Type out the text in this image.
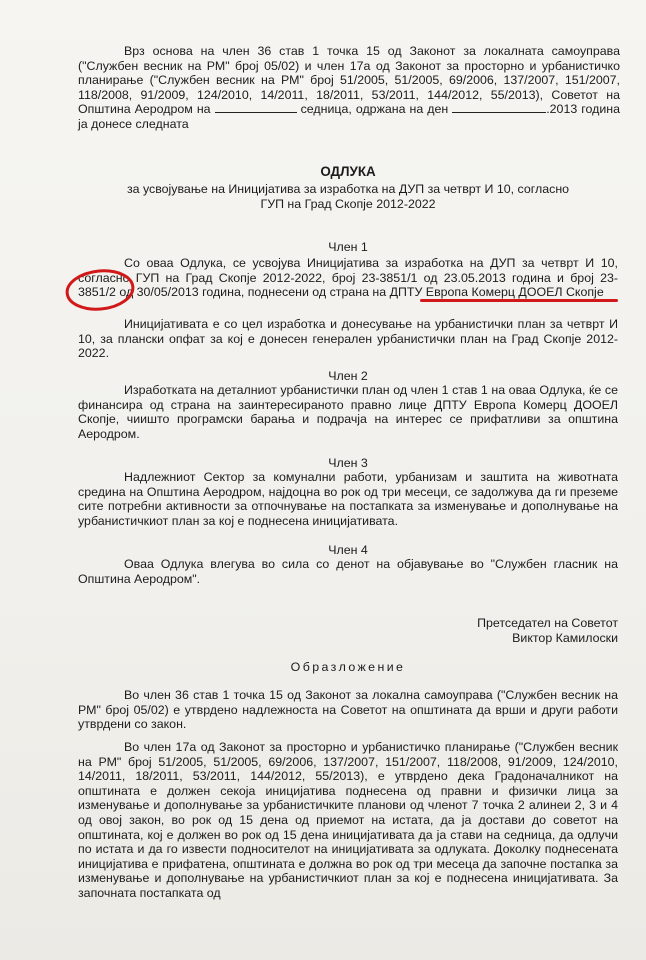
Врз основа на член 36 став 1 точка 15 од Законот за локалната самоуправа ("Службен весник на РМ" број 05/02) и член 17а од Законот за просторно и урбанистичко планирање ("Службен весник на РМ" број 51/2005, 51/2005, 69/2006, 137/2007, 151/2007, 118/2008, 91/2009, 124/2010, 14/2011, 18/2011, 53/2011, 144/2012, 55/2013), Советот на Општина Аеродром на	седница, одржана на ден	.2013 година ја донесе следната
ОДЛУКА
за усвојување на Иницијатива за изработка на ДУП за четврт И 10, согласно
ГУП на Град Скопје 2012-2022
Член 1
Со оваа Одлука, се усвојува Иницијатива за изработка на ДУП за четврт И 10, согласно ГУП на Град Скопје 2012-2022, број 23-3851/1 од 23.05.2013 година и број 23-3851/2 од 30/05/2013 година, поднесени од страна на ДПТУ Европа Комерц ДООЕЛ Скопје
Иницијативата е со цел изработка и донесување на урбанистички план за четврт И 10, за плански опфат за кој е донесен генерален урбанистички план на Град Скопје 2012-2022.
Член 2
Изработката на деталниот урбанистички план од член 1 став 1 на оваа Одлука, ќе се финансира од страна на заинтересираното правно лице ДПТУ Европа Комерц ДООЕЛ Скопје, чиишто програмски барања и подрачја на интерес се прифатливи за општина Аеродром.
Член 3
Надлежниот Сектор за комунални работи, урбанизам и заштита на животната средина на Општина Аеродром, најдоцна во рок од три месеци, се задолжува да ги преземе сите потребни активности за отпочнување на постапката за изменување и дополнување на урбанистичкиот план за кој е поднесена иницијативата.
Член 4
Оваа Одлука влегува во сила со денот на објавување во "Службен гласник на Општина Аеродром".
Претседател на Советот
Виктор Камилоски
Образложение
Во член 36 став 1 точка 15 од Законот за локална самоуправа ("Службен весник на РМ" број 05/02) е утврдено надлежноста на Советот на општината да врши и други работи утврдени со закон.
Во член 17а од Законот за просторно и урбанистичко планирање ("Службен весник на РМ" број 51/2005, 51/2005, 69/2006, 137/2007, 151/2007, 118/2008, 91/2009, 124/2010, 14/2011, 18/2011, 53/2011, 144/2012, 55/2013), е утврдено дека Градоначалникот на општината е должен секоја иницијатива поднесена од правни и физички лица за изменување и дополнување за урбанистичките планови од членот 7 точка 2 алинеи 2, 3 и 4 од овој закон, во рок од 15 дена од приемот на истата, да ја достави до советот на општината, кој е должен во рок од 15 дена иницијативата да ја стави на седница, да одлучи по истата и да го извести подносителот на иницијативата за одлуката. Доколку поднесената иницијатива е прифатена, општината е должна во рок од три месеца да започне постапка за изменување и дополнување на урбанистичкиот план за кој е поднесена иницијативата. За започната постапката од
